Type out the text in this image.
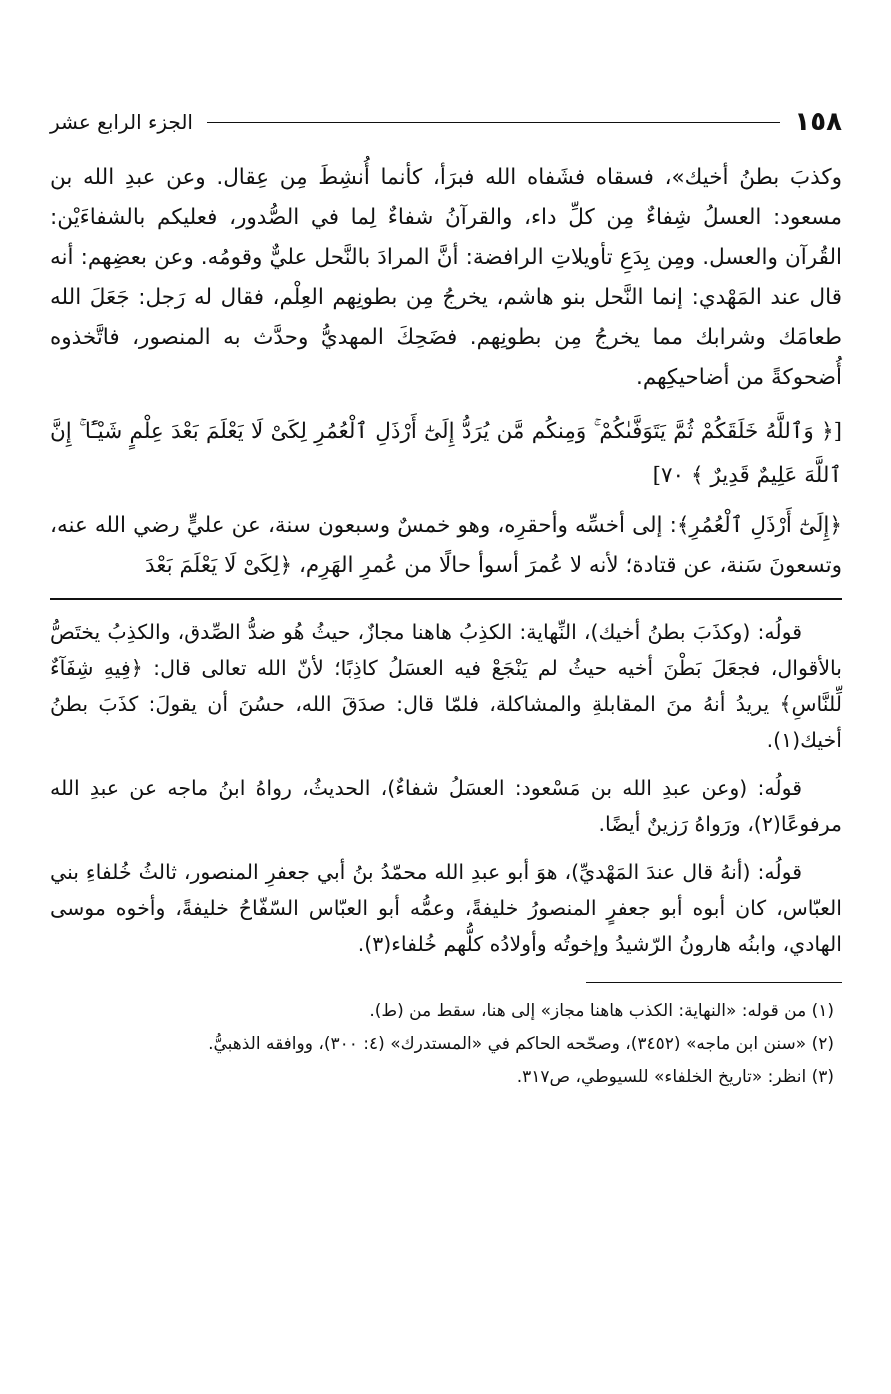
١٥٨
الجزء الرابع عشر

وكذبَ بطنُ أخيك»، فسقاه فشَفاه الله فبرَأ، كأنما أُنشِطَ مِن عِقال. وعن عبدِ الله بن مسعود: العسلُ شِفاءٌ مِن كلِّ داء، والقرآنُ شفاءٌ لِما في الصُّدور، فعليكم بالشفاءَيْن: القُرآن والعسل. ومِن بِدَعِ تأويلاتِ الرافضة: أنَّ المرادَ بالنَّحل عليٌّ وقومُه. وعن بعضِهم: أنه قال عند المَهْدي: إنما النَّحل بنو هاشم، يخرجُ مِن بطونِهم العِلْم، فقال له رَجل: جَعَلَ الله طعامَك وشرابك مما يخرجُ مِن بطونِهم. فضَحِكَ المهديُّ وحدَّث به المنصور، فاتَّخذوه أُضحوكةً من أضاحيكِهم.

[﴿ وَٱللَّهُ خَلَقَكُمْ ثُمَّ يَتَوَفَّىٰكُمْ ۚ وَمِنكُم مَّن يُرَدُّ إِلَىٰٓ أَرْذَلِ ٱلْعُمُرِ لِكَىْ لَا يَعْلَمَ بَعْدَ عِلْمٍ شَيْـًٔا ۚ إِنَّ ٱللَّهَ عَلِيمٌ قَدِيرٌ ﴾ ٧٠]

﴿إِلَىٰٓ أَرْذَلِ ٱلْعُمُرِ﴾: إلى أخسِّه وأحقرِه، وهو خمسٌ وسبعون سنة، عن عليٍّ رضي الله عنه، وتسعونَ سَنة، عن قتادة؛ لأنه لا عُمرَ أسوأ حالًا من عُمرِ الهَرِم، ﴿لِكَىْ لَا يَعْلَمَ بَعْدَ

قولُه: (وكذَبَ بطنُ أخيك)، النِّهاية: الكذِبُ هاهنا مجازٌ، حيثُ هُو ضدُّ الصِّدق، والكذِبُ يختَصُّ بالأقوال، فجعَلَ بَطْنَ أخيه حيثُ لم يَنْجَعْ فيه العسَلُ كاذِبًا؛ لأنّ الله تعالى قال: ﴿فِيهِ شِفَآءٌ لِّلنَّاسِ﴾ يريدُ أنهُ منَ المقابلةِ والمشاكلة، فلمّا قال: صدَقَ الله، حسُنَ أن يقولَ: كذَبَ بطنُ أخيك(١).

قولُه: (وعن عبدِ الله بن مَسْعود: العسَلُ شفاءٌ)، الحديثُ، رواهُ ابنُ ماجه عن عبدِ الله مرفوعًا(٢)، ورَواهُ رَزينٌ أيضًا.

قولُه: (أنهُ قال عندَ المَهْديِّ)، هوَ أبو عبدِ الله محمّدُ بنُ أبي جعفرِ المنصور، ثالثُ خُلفاءِ بني العبّاس، كان أبوه أبو جعفرٍ المنصورُ خليفةً، وعمُّه أبو العبّاس السّفّاحُ خليفةً، وأخوه موسى الهادي، وابنُه هارونُ الرّشيدُ وإخوتُه وأولادُه كلُّهم خُلفاء(٣).

(١) من قوله: «النهاية: الكذب هاهنا مجاز» إلى هنا، سقط من (ط).
(٢) «سنن ابن ماجه» (٣٤٥٢)، وصحّحه الحاكم في «المستدرك» (٤: ٣٠٠)، ووافقه الذهبيُّ.
(٣) انظر: «تاريخ الخلفاء» للسيوطي، ص٣١٧.
